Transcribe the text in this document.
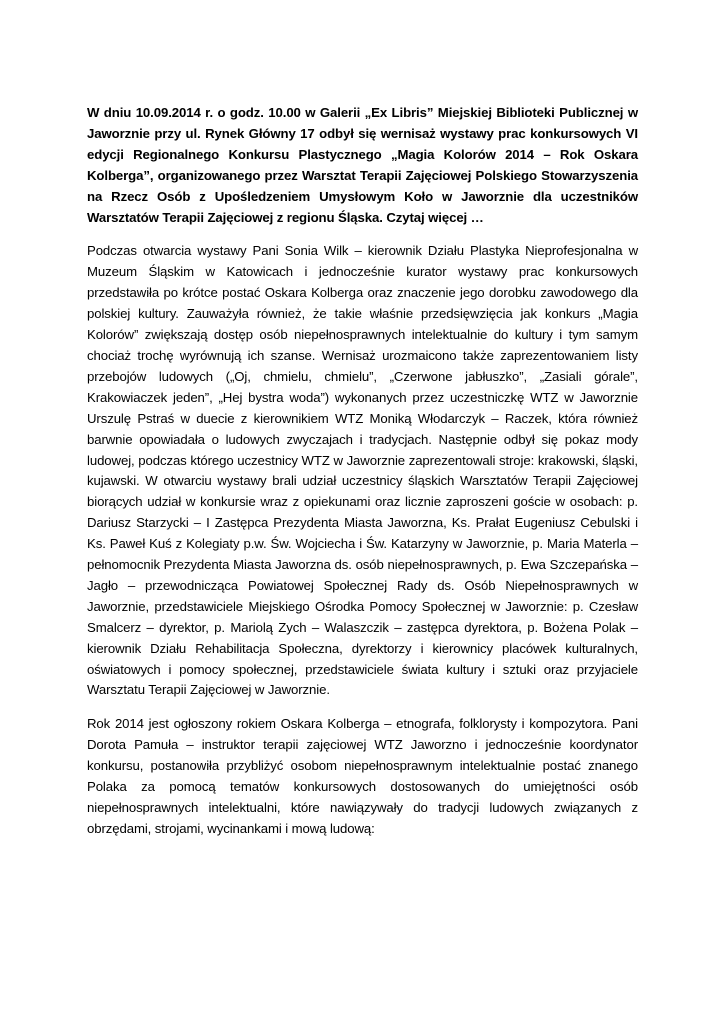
W dniu 10.09.2014 r. o godz. 10.00 w Galerii „Ex Libris” Miejskiej Biblioteki Publicznej w Jaworznie przy ul. Rynek Główny 17 odbył się wernisaż wystawy prac konkursowych VI edycji Regionalnego Konkursu Plastycznego „Magia Kolorów 2014 – Rok Oskara Kolberga”, organizowanego przez Warsztat Terapii Zajęciowej Polskiego Stowarzyszenia na Rzecz Osób z Upośledzeniem Umysłowym Koło w Jaworznie dla uczestników Warsztatów Terapii Zajęciowej z regionu Śląska. Czytaj więcej …

Podczas otwarcia wystawy Pani Sonia Wilk – kierownik Działu Plastyka Nieprofesjonalna w Muzeum Śląskim w Katowicach i jednocześnie kurator wystawy prac konkursowych przedstawiła po krótce postać Oskara Kolberga oraz znaczenie jego dorobku zawodowego dla polskiej kultury. Zauważyła również, że takie właśnie przedsięwzięcia jak konkurs „Magia Kolorów” zwiększają dostęp osób niepełnosprawnych intelektualnie do kultury i tym samym chociaż trochę wyrównują ich szanse. Wernisaż urozmaicono także zaprezentowaniem listy przebojów ludowych („Oj, chmielu, chmielu”, „Czerwone jabłuszko”, „Zasiali górale”, Krakowiaczek jeden”, „Hej bystra woda”) wykonanych przez uczestniczkę WTZ w Jaworznie Urszulę Pstraś w duecie z kierownikiem WTZ Moniką Włodarczyk – Raczek, która również barwnie opowiadała o ludowych zwyczajach i tradycjach. Następnie odbył się pokaz mody ludowej, podczas którego uczestnicy WTZ w Jaworznie zaprezentowali stroje: krakowski, śląski, kujawski. W otwarciu wystawy brali udział uczestnicy śląskich Warsztatów Terapii Zajęciowej biorących udział w konkursie wraz z opiekunami oraz licznie zaproszeni goście w osobach: p. Dariusz Starzycki – I Zastępca Prezydenta Miasta Jaworzna, Ks. Prałat Eugeniusz Cebulski i Ks. Paweł Kuś z Kolegiaty p.w. Św. Wojciecha i Św. Katarzyny w Jaworznie, p. Maria Materla – pełnomocnik Prezydenta Miasta Jaworzna ds. osób niepełnosprawnych, p. Ewa Szczepańska – Jagło – przewodnicząca Powiatowej Społecznej Rady ds. Osób Niepełnosprawnych w Jaworznie, przedstawiciele Miejskiego Ośrodka Pomocy Społecznej w Jaworznie: p. Czesław Smalcerz – dyrektor, p. Mariolą Zych – Walaszczik – zastępca dyrektora, p. Bożena Polak – kierownik Działu Rehabilitacja Społeczna, dyrektorzy i kierownicy placówek kulturalnych, oświatowych i pomocy społecznej, przedstawiciele świata kultury i sztuki oraz przyjaciele Warsztatu Terapii Zajęciowej w Jaworznie.

Rok 2014 jest ogłoszony rokiem Oskara Kolberga – etnografa, folklorysty i kompozytora. Pani Dorota Pamuła – instruktor terapii zajęciowej WTZ Jaworzno i jednocześnie koordynator konkursu, postanowiła przybliżyć osobom niepełnosprawnym intelektualnie postać znanego Polaka za pomocą tematów konkursowych dostosowanych do umiejętności osób niepełnosprawnych intelektualni, które nawiązywały do tradycji ludowych związanych z obrzędami, strojami, wycinankami i mową ludową:
